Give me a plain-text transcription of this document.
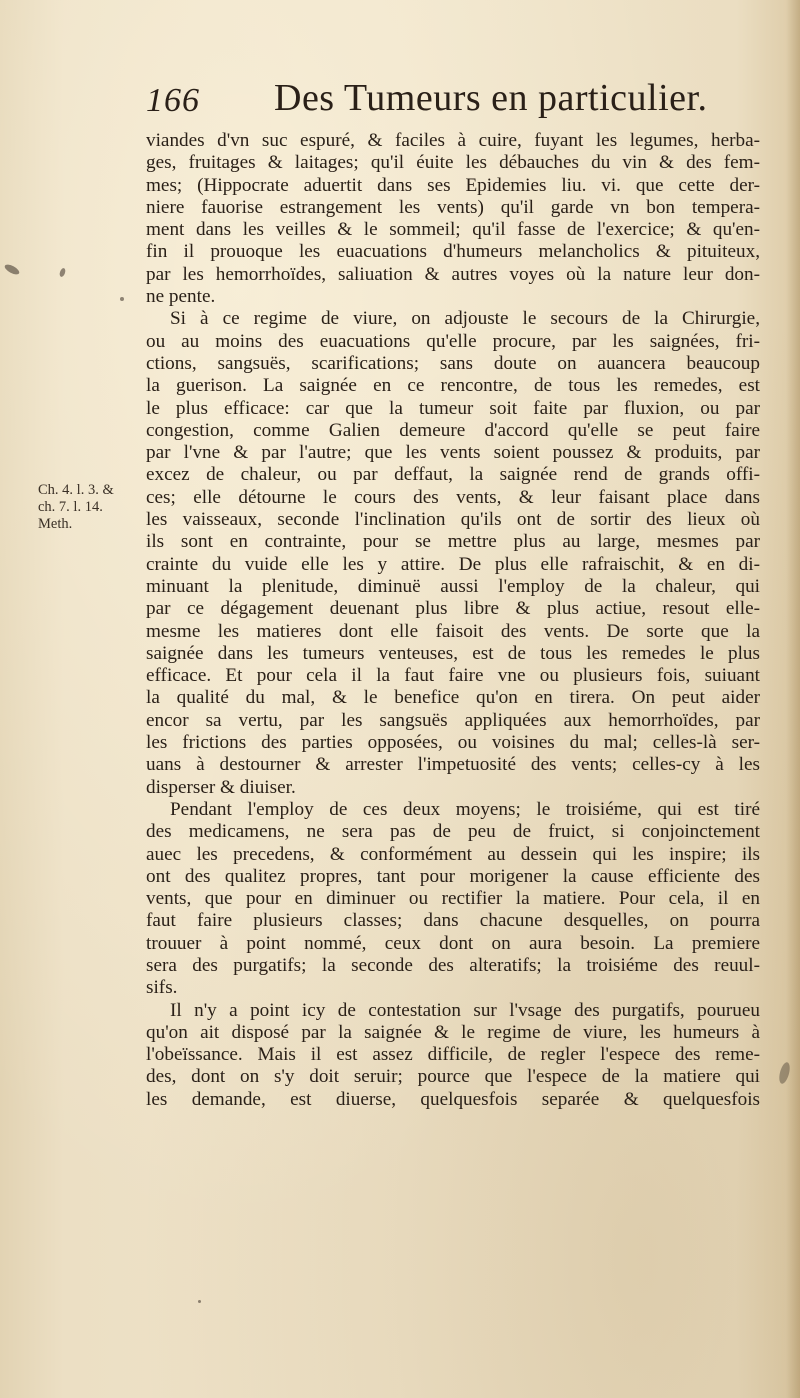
166 Des Tumeurs en particulier.
Ch. 4. l. 3. &
ch. 7. l. 14.
Meth.
viandes d'vn suc espuré, & faciles à cuire, fuyant les legumes, herba-
ges, fruitages & laitages; qu'il éuite les débauches du vin & des fem-
mes; (Hippocrate aduertit dans ses Epidemies liu. vi. que cette der-
niere fauorise estrangement les vents) qu'il garde vn bon tempera-
ment dans les veilles & le sommeil; qu'il fasse de l'exercice; & qu'en-
fin il prouoque les euacuations d'humeurs melancholics & pituiteux,
par les hemorrhoïdes, saliuation & autres voyes où la nature leur don-
ne pente.
Si à ce regime de viure, on adjouste le secours de la Chirurgie,
ou au moins des euacuations qu'elle procure, par les saignées, fri-
ctions, sangsuës, scarifications; sans doute on auancera beaucoup
la guerison. La saignée en ce rencontre, de tous les remedes, est
le plus efficace: car que la tumeur soit faite par fluxion, ou par
congestion, comme Galien demeure d'accord qu'elle se peut faire
par l'vne & par l'autre; que les vents soient poussez & produits, par
excez de chaleur, ou par deffaut, la saignée rend de grands offi-
ces; elle détourne le cours des vents, & leur faisant place dans
les vaisseaux, seconde l'inclination qu'ils ont de sortir des lieux où
ils sont en contrainte, pour se mettre plus au large, mesmes par
crainte du vuide elle les y attire. De plus elle rafraischit, & en di-
minuant la plenitude, diminuë aussi l'employ de la chaleur, qui
par ce dégagement deuenant plus libre & plus actiue, resout elle-
mesme les matieres dont elle faisoit des vents. De sorte que la
saignée dans les tumeurs venteuses, est de tous les remedes le plus
efficace. Et pour cela il la faut faire vne ou plusieurs fois, suiuant
la qualité du mal, & le benefice qu'on en tirera. On peut aider
encor sa vertu, par les sangsuës appliquées aux hemorrhoïdes, par
les frictions des parties opposées, ou voisines du mal; celles-là ser-
uans à destourner & arrester l'impetuosité des vents; celles-cy à les
disperser & diuiser.
Pendant l'employ de ces deux moyens; le troisiéme, qui est tiré
des medicamens, ne sera pas de peu de fruict, si conjoinctement
auec les precedens, & conformément au dessein qui les inspire; ils
ont des qualitez propres, tant pour morigener la cause efficiente des
vents, que pour en diminuer ou rectifier la matiere. Pour cela, il en
faut faire plusieurs classes; dans chacune desquelles, on pourra
trouuer à point nommé, ceux dont on aura besoin. La premiere
sera des purgatifs; la seconde des alteratifs; la troisiéme des reuul-
sifs.
Il n'y a point icy de contestation sur l'vsage des purgatifs, pourueu
qu'on ait disposé par la saignée & le regime de viure, les humeurs à
l'obeïssance. Mais il est assez difficile, de regler l'espece des reme-
des, dont on s'y doit seruir; pource que l'espece de la matiere qui
les demande, est diuerse, quelquesfois separée & quelquesfois
